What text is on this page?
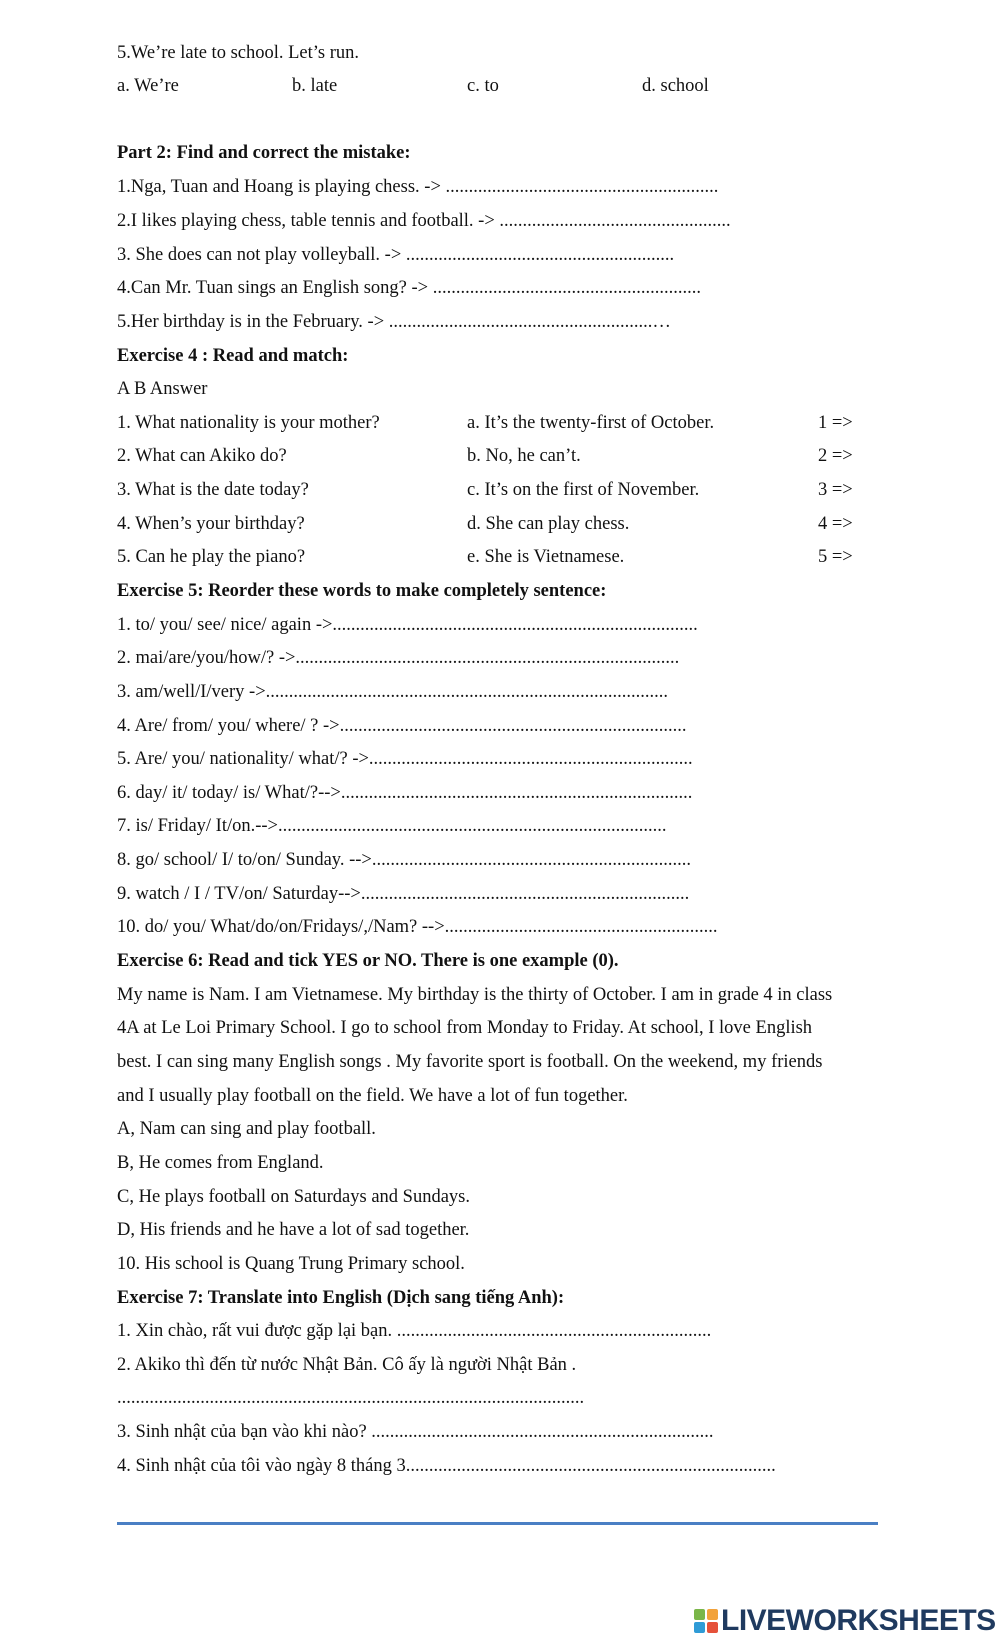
5.We’re late to school. Let’s run.
a. We’re	b. late	c. to	d. school
Part 2: Find and correct the mistake:
1.Nga, Tuan and Hoang is playing chess. -> ...........................................................
2.I likes playing chess, table tennis and football. -> ..................................................
3. She does can not play volleyball. -> ..........................................................
4.Can Mr. Tuan sings an English song? -> ..........................................................
5.Her birthday is in the February. -> .........................................................…
Exercise 4 : Read and match:
A B Answer
1. What nationality is your mother?	a. It’s the twenty-first of October.	1 =>
2. What can Akiko do?	b. No, he can’t.	2 =>
3. What is the date today?	c. It’s on the first of November.	3 =>
4. When’s your birthday?	d. She can play chess.	4 =>
5. Can he play the piano?	e. She is Vietnamese.	5 =>
Exercise 5: Reorder these words to make completely sentence:
1. to/ you/ see/ nice/ again ->...............................................................................
2. mai/are/you/how/? ->...................................................................................
3. am/well/I/very ->.......................................................................................
4. Are/ from/ you/ where/ ? ->...........................................................................
5. Are/ you/ nationality/ what/? ->......................................................................
6. day/ it/ today/ is/ What/?-->............................................................................
7. is/ Friday/ It/on.-->....................................................................................
8. go/ school/ I/ to/on/ Sunday. -->.....................................................................
9. watch / I / TV/on/ Saturday-->.......................................................................
10. do/ you/ What/do/on/Fridays/,/Nam? -->...........................................................
Exercise 6: Read and tick YES or NO. There is one example (0).
My name is Nam. I am Vietnamese. My birthday is the thirty of October. I am in grade 4 in class
4A at Le Loi Primary School. I go to school from Monday to Friday. At school, I love English
best. I can sing many English songs . My favorite sport is football. On the weekend, my friends
and I usually play football on the field. We have a lot of fun together.
A, Nam can sing and play football.
B, He comes from England.
C, He plays football on Saturdays and Sundays.
D, His friends and he have a lot of sad together.
10. His school is Quang Trung Primary school.
Exercise 7: Translate into English (Dịch sang tiếng Anh):
1. Xin chào, rất vui được gặp lại bạn. ....................................................................
2. Akiko thì đến từ nước Nhật Bản. Cô ấy là người Nhật Bản .
.....................................................................................................
3. Sinh nhật của bạn vào khi nào? ..........................................................................
4. Sinh nhật của tôi vào ngày 8 tháng 3................................................................................
LIVEWORKSHEETS
